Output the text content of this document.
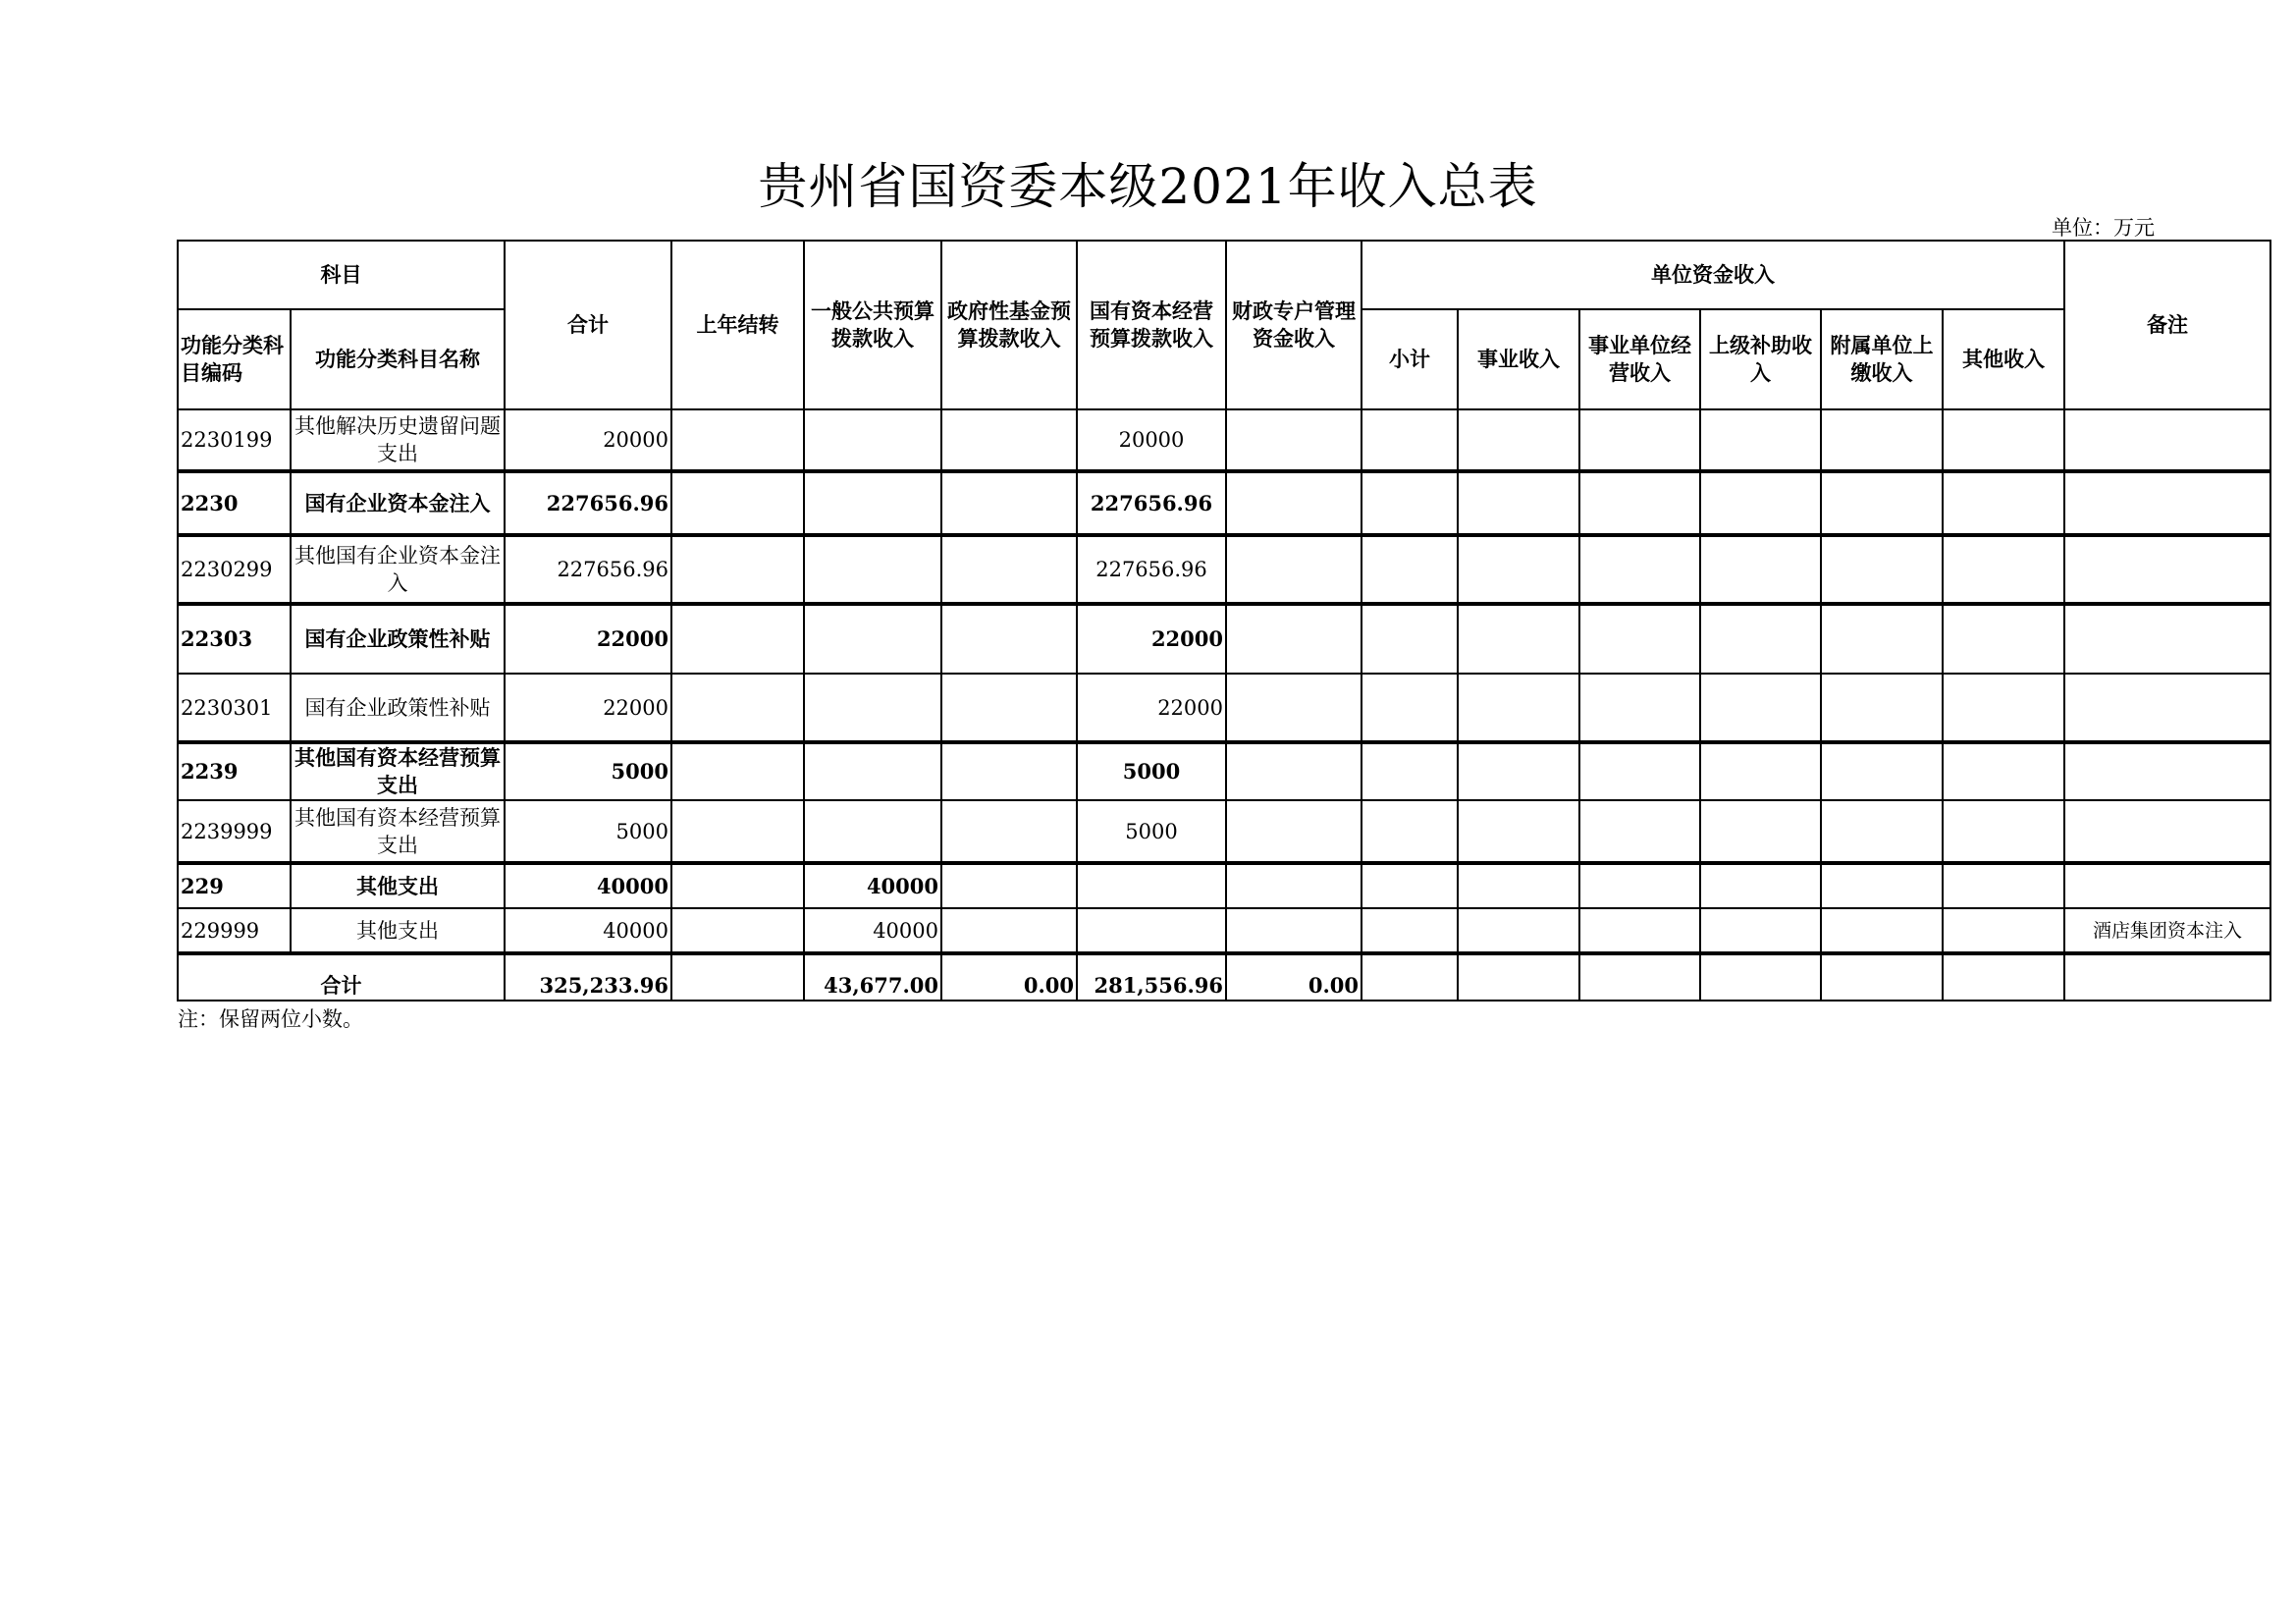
贵州省国资委本级2021年收入总表
单位：万元
科目		合计	上年结转	一般公共预算拨款收入	政府性基金预算拨款收入	国有资本经营预算拨款收入	财政专户管理资金收入	单位资金收入						备注
功能分类科目编码	功能分类科目名称							小计	事业收入	事业单位经营收入	上级补助收入	附属单位上缴收入	其他收入	
2230199	其他解决历史遗留问题支出	20000				20000								
2230	国有企业资本金注入	227656.96				227656.96								
2230299	其他国有企业资本金注入	227656.96				227656.96								
22303	国有企业政策性补贴	22000				22000								
2230301	国有企业政策性补贴	22000				22000								
2239	其他国有资本经营预算支出	5000				5000								
2239999	其他国有资本经营预算支出	5000				5000								
229	其他支出	40000		40000										
229999	其他支出	40000		40000										酒店集团资本注入
合计		325,233.96		43,677.00	0.00	281,556.96	0.00							
注：保留两位小数。
